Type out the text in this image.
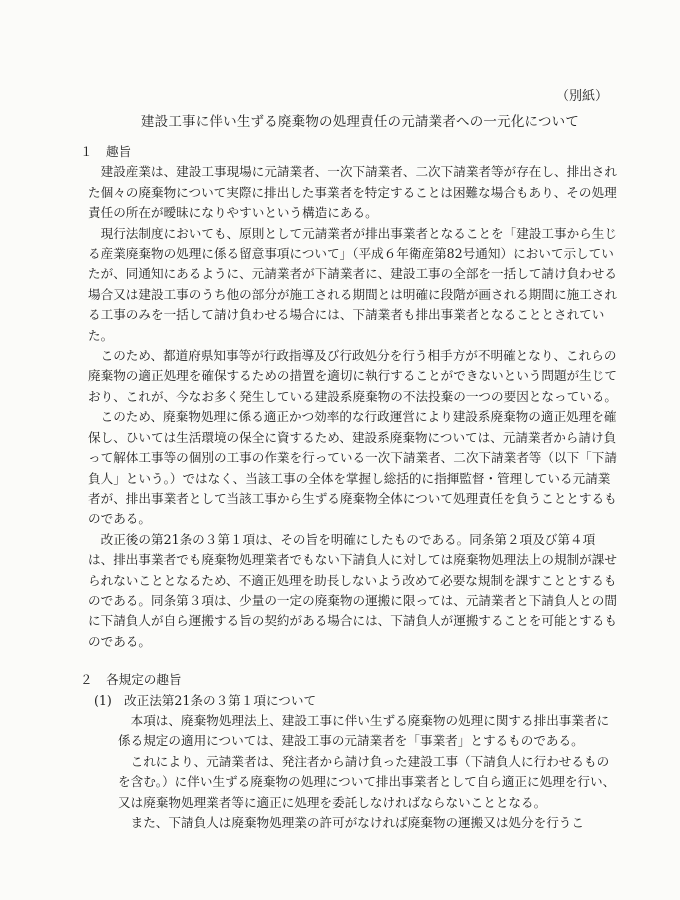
（別紙）
建設工事に伴い生ずる廃棄物の処理責任の元請業者への一元化について
１ 趣旨

建設産業は、建設工事現場に元請業者、一次下請業者、二次下請業者等が存在し、排出された個々の廃棄物について実際に排出した事業者を特定することは困難な場合もあり、その処理責任の所在が曖昧になりやすいという構造にある。

現行法制度においても、原則として元請業者が排出事業者となることを「建設工事から生じる産業廃棄物の処理に係る留意事項について」（平成６年衛産第82号通知）において示していたが、同通知にあるように、元請業者が下請業者に、建設工事の全部を一括して請け負わせる場合又は建設工事のうち他の部分が施工される期間とは明確に段階が画される期間に施工される工事のみを一括して請け負わせる場合には、下請業者も排出事業者となることとされていた。

このため、都道府県知事等が行政指導及び行政処分を行う相手方が不明確となり、これらの廃棄物の適正処理を確保するための措置を適切に執行することができないという問題が生じており、これが、今なお多く発生している建設系廃棄物の不法投棄の一つの要因となっている。

このため、廃棄物処理に係る適正かつ効率的な行政運営により建設系廃棄物の適正処理を確保し、ひいては生活環境の保全に資するため、建設系廃棄物については、元請業者から請け負って解体工事等の個別の工事の作業を行っている一次下請業者、二次下請業者等（以下「下請負人」という。）ではなく、当該工事の全体を掌握し総括的に指揮監督・管理している元請業者が、排出事業者として当該工事から生ずる廃棄物全体について処理責任を負うこととするものである。

改正後の第21条の３第１項は、その旨を明確にしたものである。同条第２項及び第４項は、排出事業者でも廃棄物処理業者でもない下請負人に対しては廃棄物処理法上の規制が課せられないこととなるため、不適正処理を助長しないよう改めて必要な規制を課すこととするものである。同条第３項は、少量の一定の廃棄物の運搬に限っては、元請業者と下請負人との間に下請負人が自ら運搬する旨の契約がある場合には、下請負人が運搬することを可能とするものである。

２ 各規定の趣旨
(1) 改正法第21条の３第１項について

本項は、廃棄物処理法上、建設工事に伴い生ずる廃棄物の処理に関する排出事業者に係る規定の適用については、建設工事の元請業者を「事業者」とするものである。

これにより、元請業者は、発注者から請け負った建設工事（下請負人に行わせるものを含む。）に伴い生ずる廃棄物の処理について排出事業者として自ら適正に処理を行い、又は廃棄物処理業者等に適正に処理を委託しなければならないこととなる。

また、下請負人は廃棄物処理業の許可がなければ廃棄物の運搬又は処分を行うこ
